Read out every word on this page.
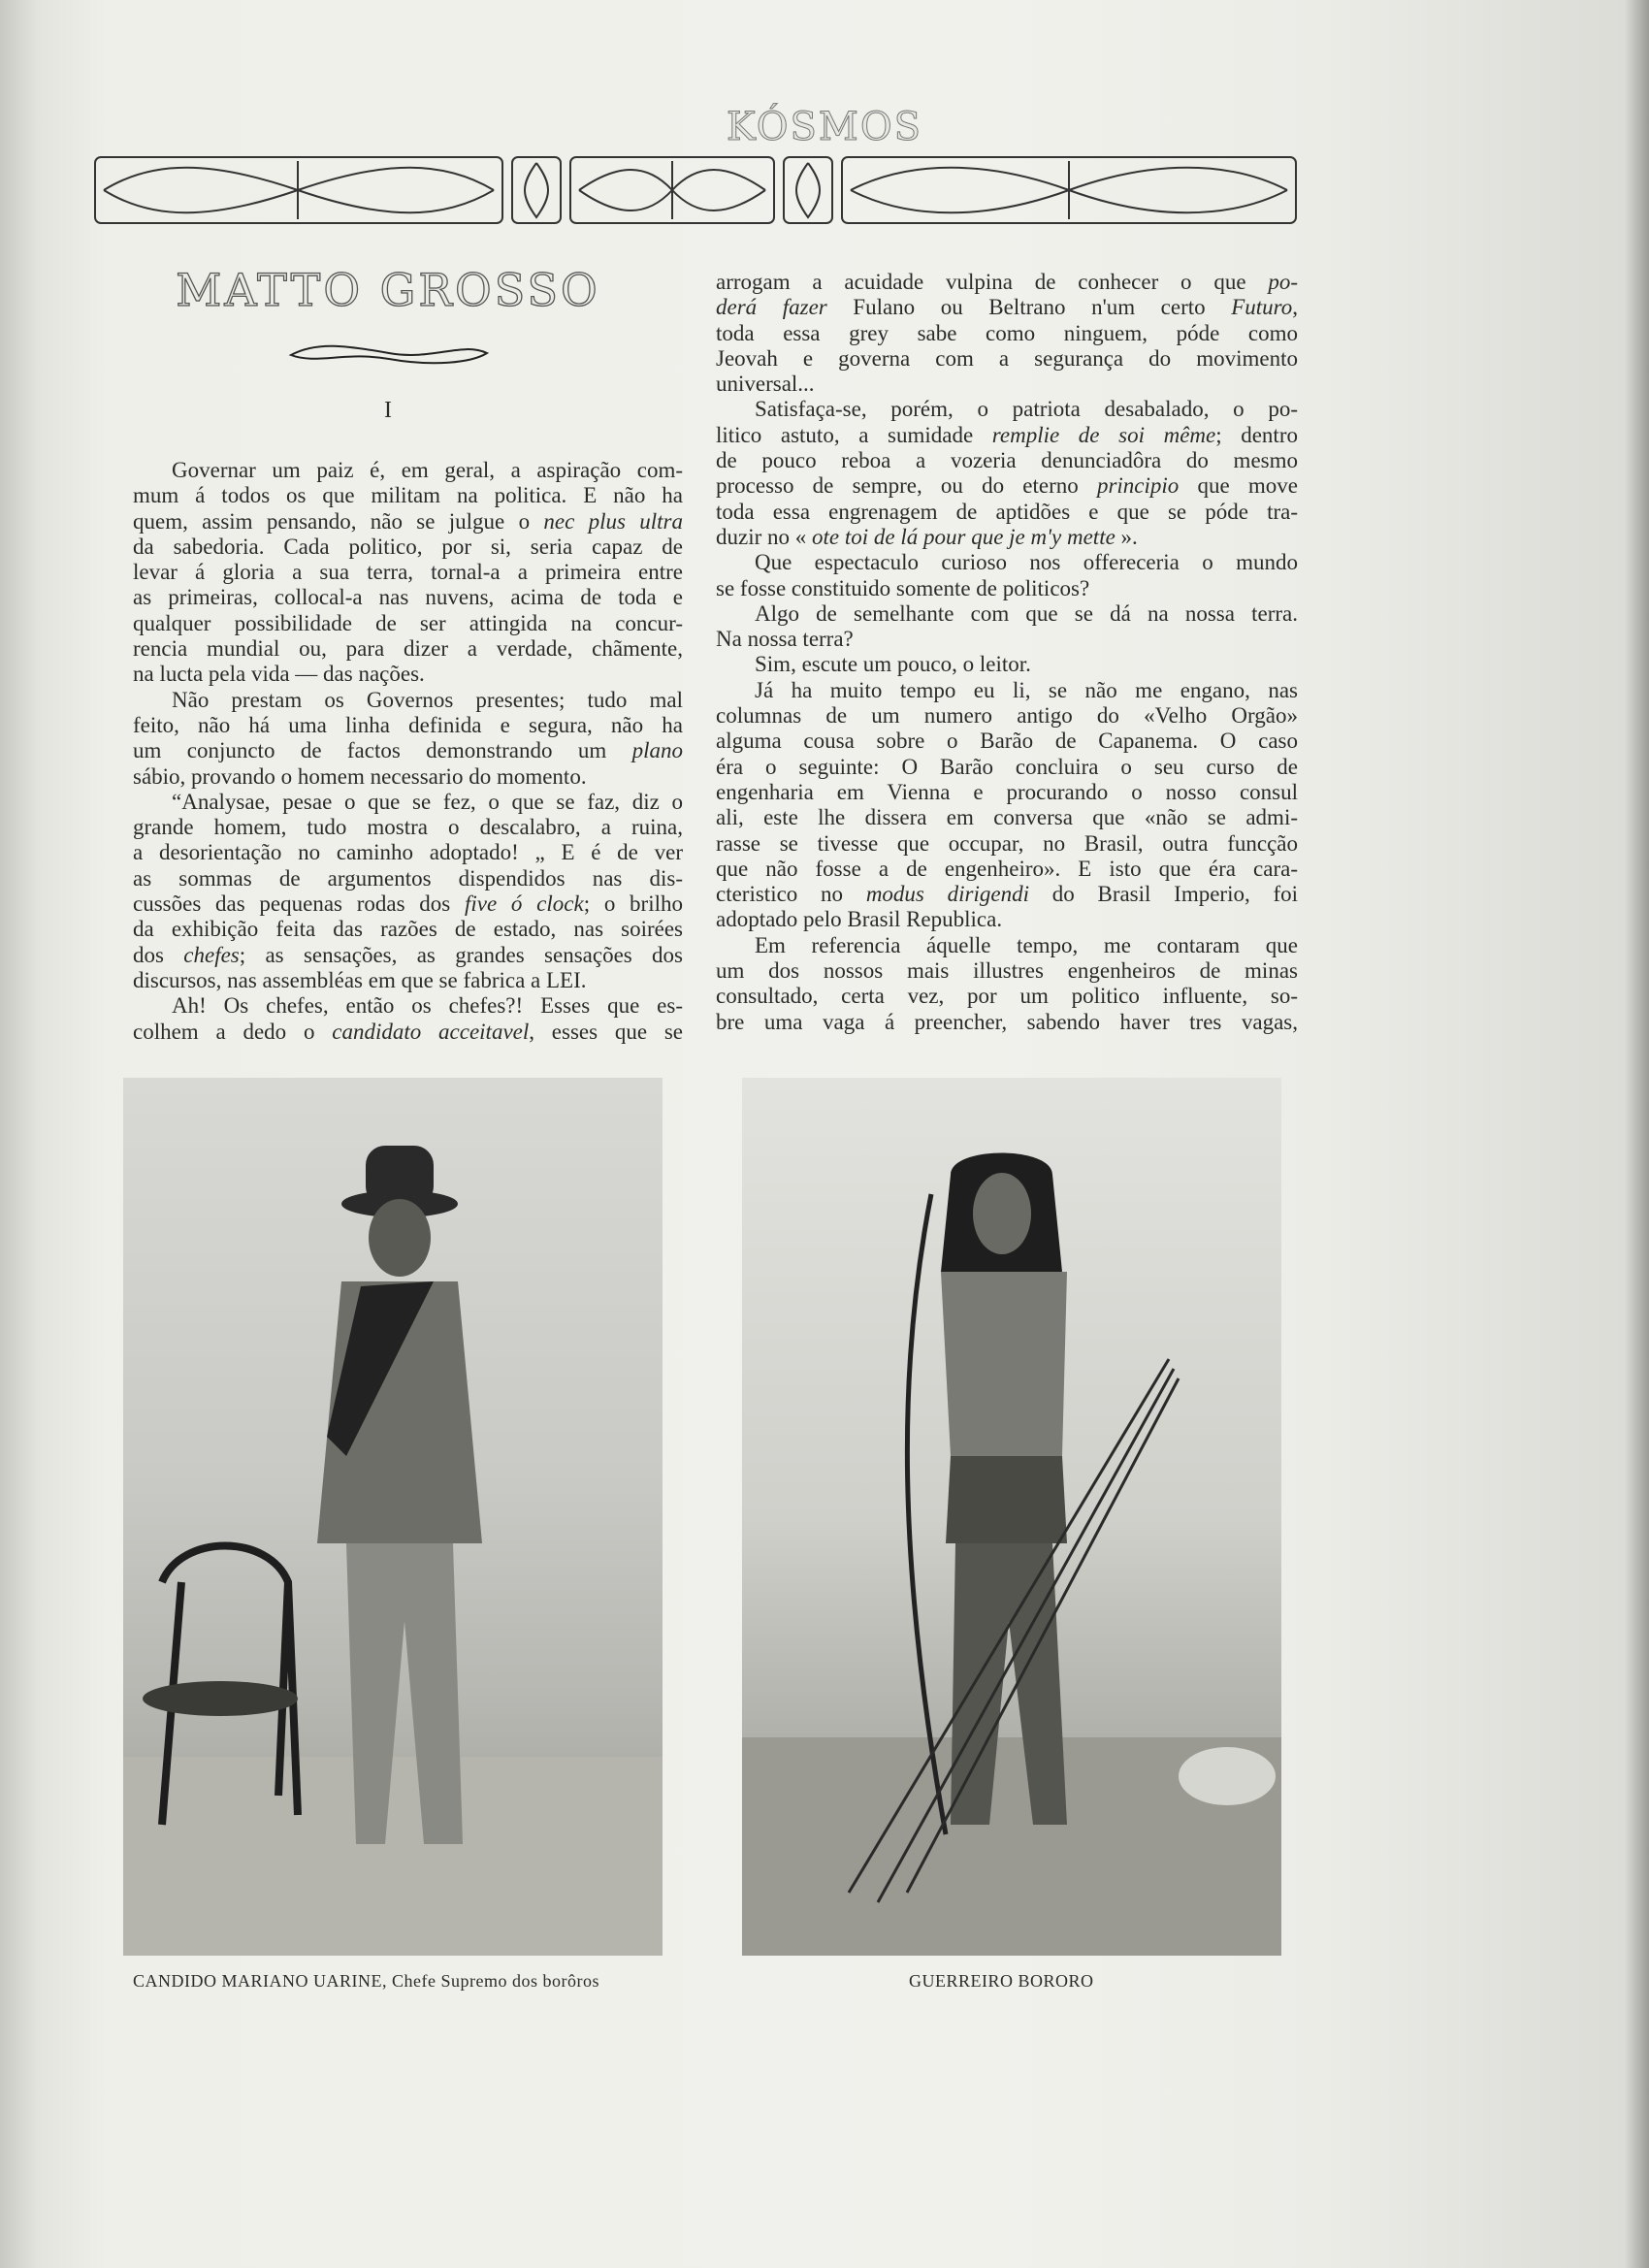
KÓSMOS
MATTO GROSSO
I
Governar um paiz é, em geral, a aspiração com-
mum á todos os que militam na politica. E não ha
quem, assim pensando, não se julgue o nec plus ultra
da sabedoria. Cada politico, por si, seria capaz de
levar á gloria a sua terra, tornal-a a primeira entre
as primeiras, collocal-a nas nuvens, acima de toda e
qualquer possibilidade de ser attingida na concur-
rencia mundial ou, para dizer a verdade, chãmente,
na lucta pela vida — das nações.
Não prestam os Governos presentes; tudo mal
feito, não há uma linha definida e segura, não ha
um conjuncto de factos demonstrando um plano
sábio, provando o homem necessario do momento.
“Analysae, pesae o que se fez, o que se faz, diz o
grande homem, tudo mostra o descalabro, a ruina,
a desorientação no caminho adoptado! „ E é de ver
as sommas de argumentos dispendidos nas dis-
cussões das pequenas rodas dos five ó clock; o brilho
da exhibição feita das razões de estado, nas soirées
dos chefes; as sensações, as grandes sensações dos
discursos, nas assembléas em que se fabrica a LEI.
Ah! Os chefes, então os chefes?! Esses que es-
colhem a dedo o candidato acceitavel, esses que se
arrogam a acuidade vulpina de conhecer o que po-
derá fazer Fulano ou Beltrano n'um certo Futuro,
toda essa grey sabe como ninguem, póde como
Jeovah e governa com a segurança do movimento
universal...
Satisfaça-se, porém, o patriota desabalado, o po-
litico astuto, a sumidade remplie de soi même; dentro
de pouco reboa a vozeria denunciadôra do mesmo
processo de sempre, ou do eterno principio que move
toda essa engrenagem de aptidões e que se póde tra-
duzir no « ote toi de lá pour que je m'y mette ».
Que espectaculo curioso nos offereceria o mundo
se fosse constituido somente de politicos?
Algo de semelhante com que se dá na nossa terra.
Na nossa terra?
Sim, escute um pouco, o leitor.
Já ha muito tempo eu li, se não me engano, nas
columnas de um numero antigo do «Velho Orgão»
alguma cousa sobre o Barão de Capanema. O caso
éra o seguinte: O Barão concluira o seu curso de
engenharia em Vienna e procurando o nosso consul
ali, este lhe dissera em conversa que «não se admi-
rasse se tivesse que occupar, no Brasil, outra funcção
que não fosse a de engenheiro». E isto que éra cara-
cteristico no modus dirigendi do Brasil Imperio, foi
adoptado pelo Brasil Republica.
Em referencia áquelle tempo, me contaram que
um dos nossos mais illustres engenheiros de minas
consultado, certa vez, por um politico influente, so-
bre uma vaga á preencher, sabendo haver tres vagas,
CANDIDO MARIANO UARINE, Chefe Supremo dos borôros	GUERREIRO BORORO
